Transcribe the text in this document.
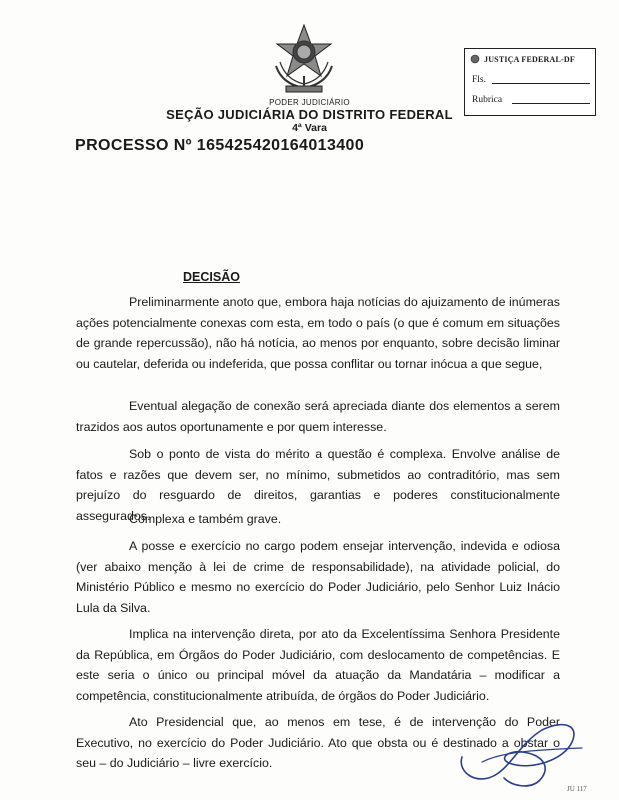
JUSTIÇA FEDERAL-DF
Fls.
Rubrica
PODER JUDICIÁRIO
SEÇÃO JUDICIÁRIA DO DISTRITO FEDERAL
4ª Vara
PROCESSO Nº 165425420164013400
DECISÃO
Preliminarmente anoto que, embora haja notícias do ajuizamento de inúmeras ações potencialmente conexas com esta, em todo o país (o que é comum em situações de grande repercussão), não há notícia, ao menos por enquanto, sobre decisão liminar ou cautelar, deferida ou indeferida, que possa conflitar ou tornar inócua a que segue,
Eventual alegação de conexão será apreciada diante dos elementos a serem trazidos aos autos oportunamente e por quem interesse.
Sob o ponto de vista do mérito a questão é complexa. Envolve análise de fatos e razões que devem ser, no mínimo, submetidos ao contraditório, mas sem prejuízo do resguardo de direitos, garantias e poderes constitucionalmente assegurados.
Complexa e também grave.
A posse e exercício no cargo podem ensejar intervenção, indevida e odiosa (ver abaixo menção à lei de crime de responsabilidade), na atividade policial, do Ministério Público e mesmo no exercício do Poder Judiciário, pelo Senhor Luiz Inácio Lula da Silva.
Implica na intervenção direta, por ato da Excelentíssima Senhora Presidente da República, em Órgãos do Poder Judiciário, com deslocamento de competências. E este seria o único ou principal móvel da atuação da Mandatária – modificar a competência, constitucionalmente atribuída, de órgãos do Poder Judiciário.
Ato Presidencial que, ao menos em tese, é de intervenção do Poder Executivo, no exercício do Poder Judiciário. Ato que obsta ou é destinado a obstar o seu – do Judiciário – livre exercício.
JU 117
